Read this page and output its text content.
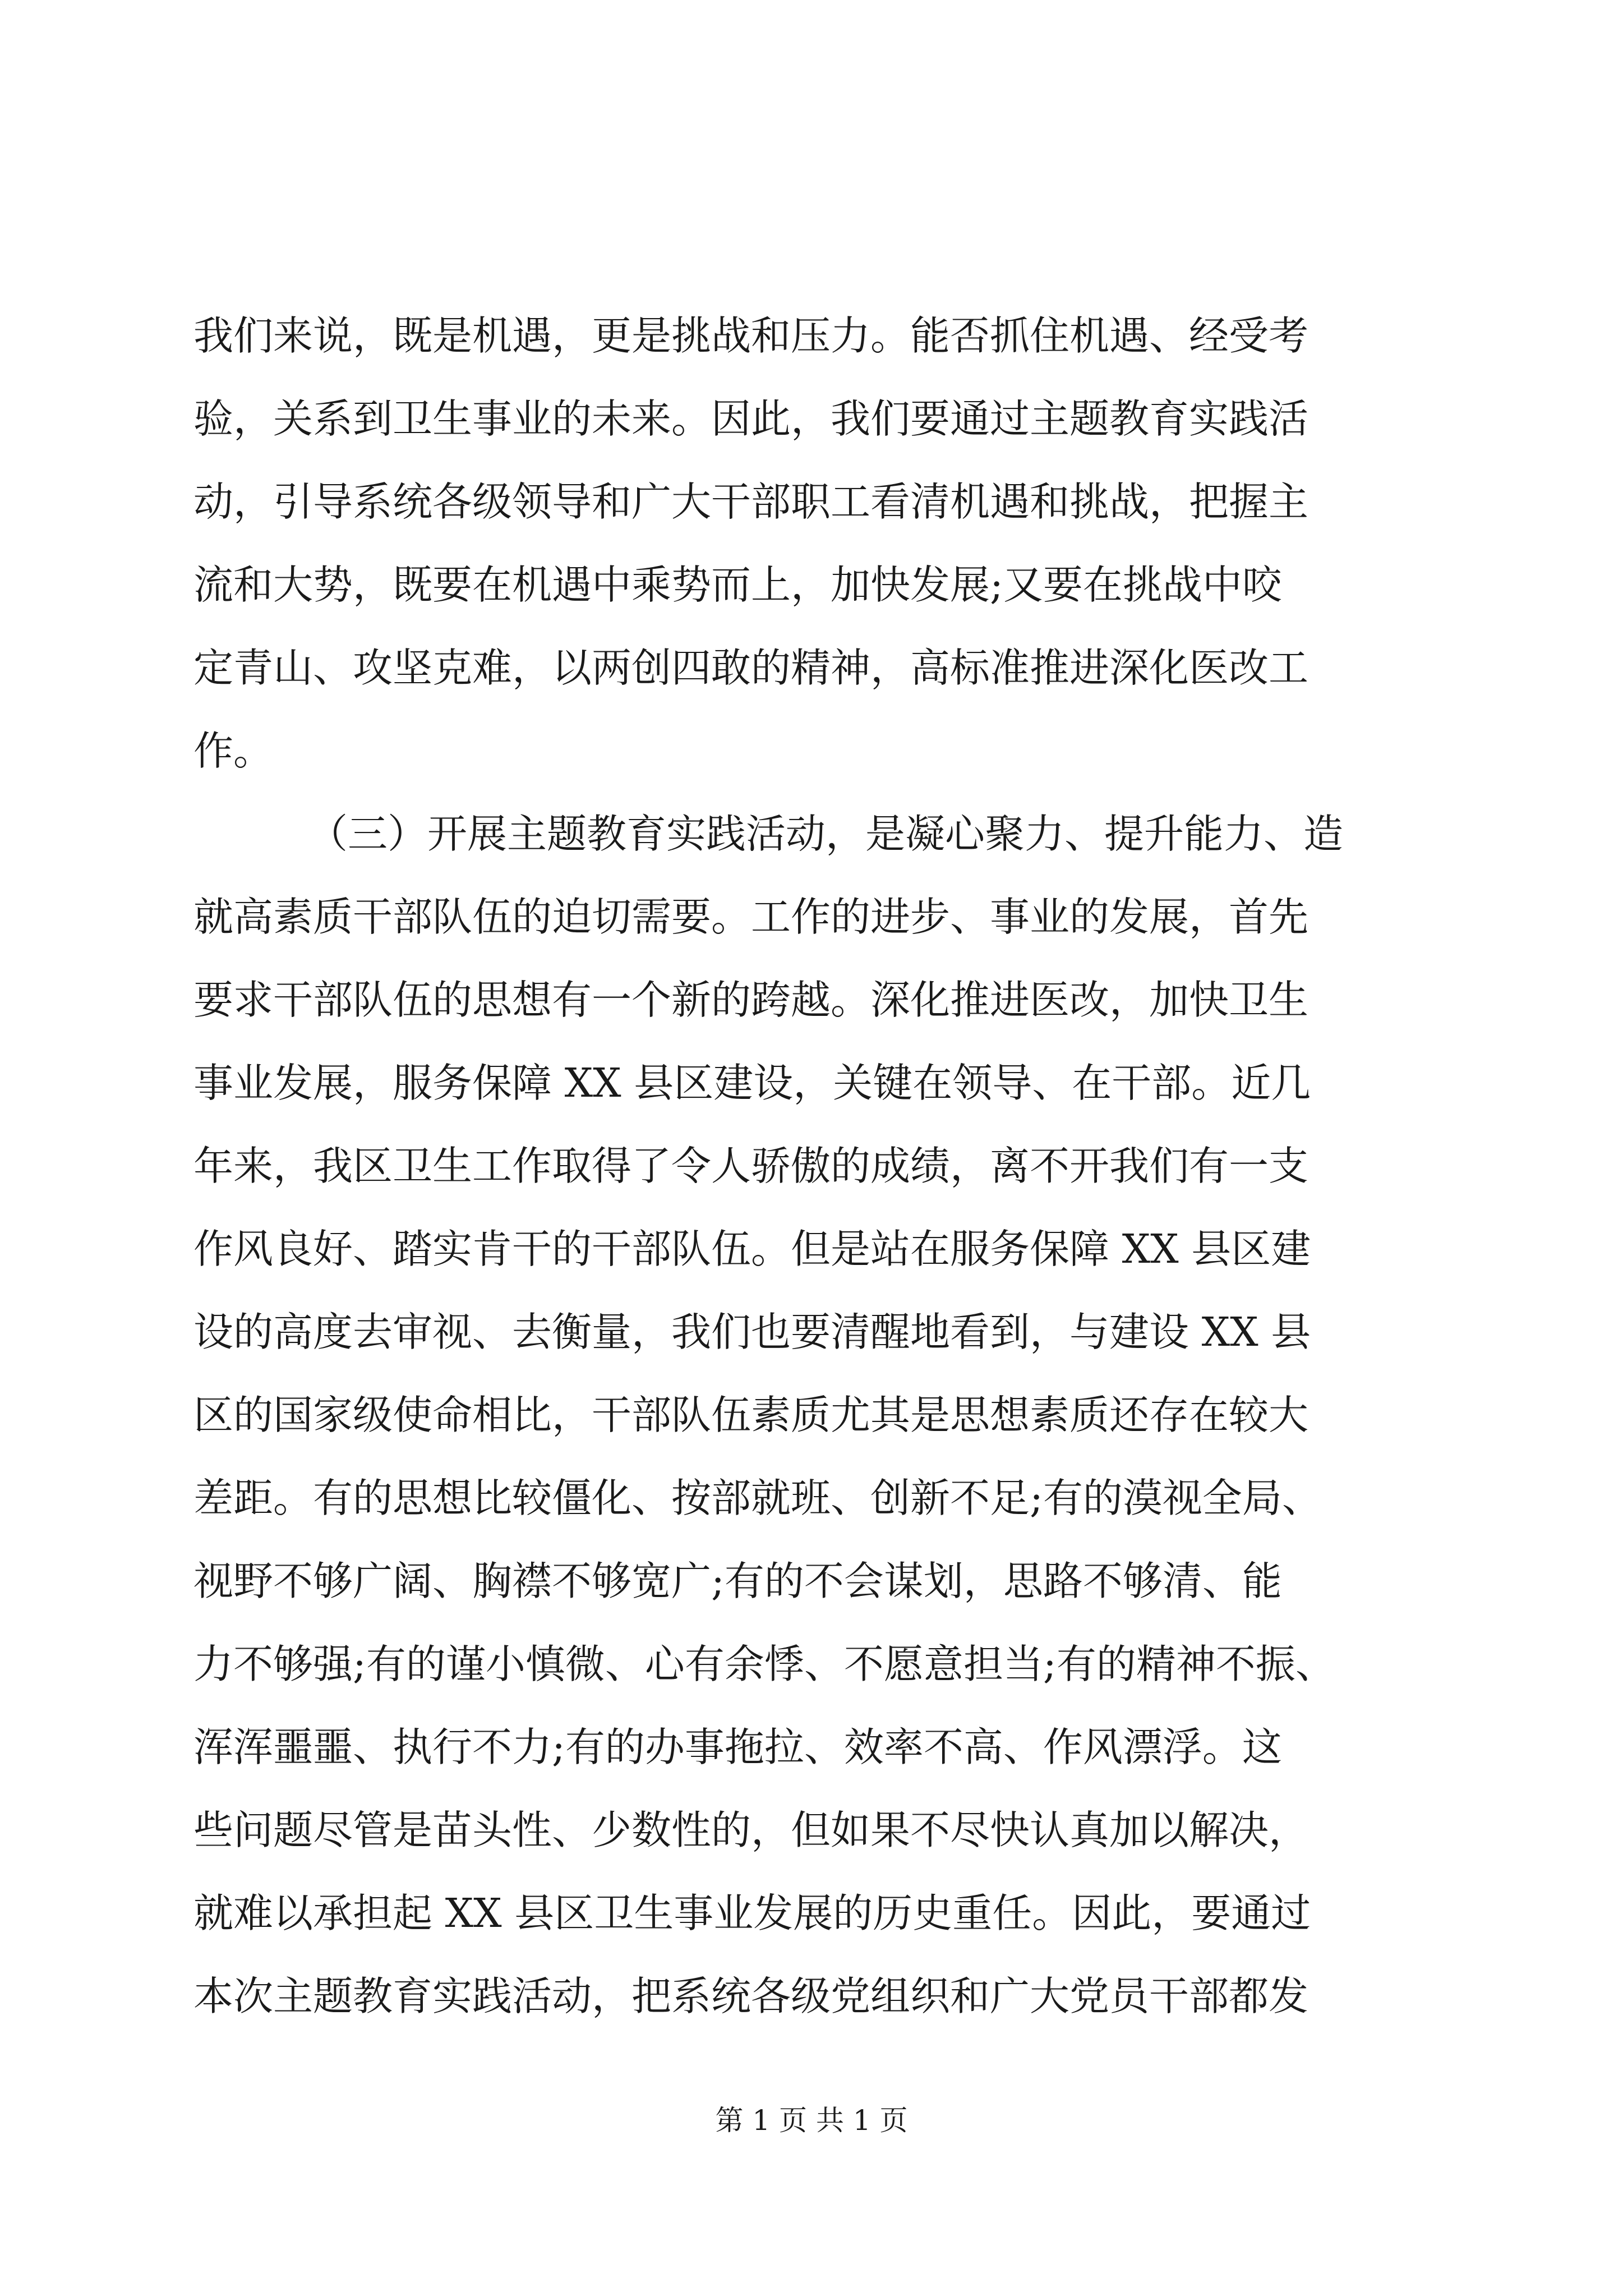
我们来说，既是机遇，更是挑战和压力。能否抓住机遇、经受考
验，关系到卫生事业的未来。因此，我们要通过主题教育实践活
动，引导系统各级领导和广大干部职工看清机遇和挑战，把握主
流和大势，既要在机遇中乘势而上，加快发展;又要在挑战中咬
定青山、攻坚克难，以两创四敢的精神，高标准推进深化医改工
作。
（三）开展主题教育实践活动，是凝心聚力、提升能力、造
就高素质干部队伍的迫切需要。工作的进步、事业的发展，首先
要求干部队伍的思想有一个新的跨越。深化推进医改，加快卫生
事业发展，服务保障 XX 县区建设，关键在领导、在干部。近几
年来，我区卫生工作取得了令人骄傲的成绩，离不开我们有一支
作风良好、踏实肯干的干部队伍。但是站在服务保障 XX 县区建
设的高度去审视、去衡量，我们也要清醒地看到，与建设 XX 县
区的国家级使命相比，干部队伍素质尤其是思想素质还存在较大
差距。有的思想比较僵化、按部就班、创新不足;有的漠视全局、
视野不够广阔、胸襟不够宽广;有的不会谋划，思路不够清、能
力不够强;有的谨小慎微、心有余悸、不愿意担当;有的精神不振、
浑浑噩噩、执行不力;有的办事拖拉、效率不高、作风漂浮。这
些问题尽管是苗头性、少数性的，但如果不尽快认真加以解决，
就难以承担起 XX 县区卫生事业发展的历史重任。因此，要通过
本次主题教育实践活动，把系统各级党组织和广大党员干部都发
第 1 页 共 1 页
